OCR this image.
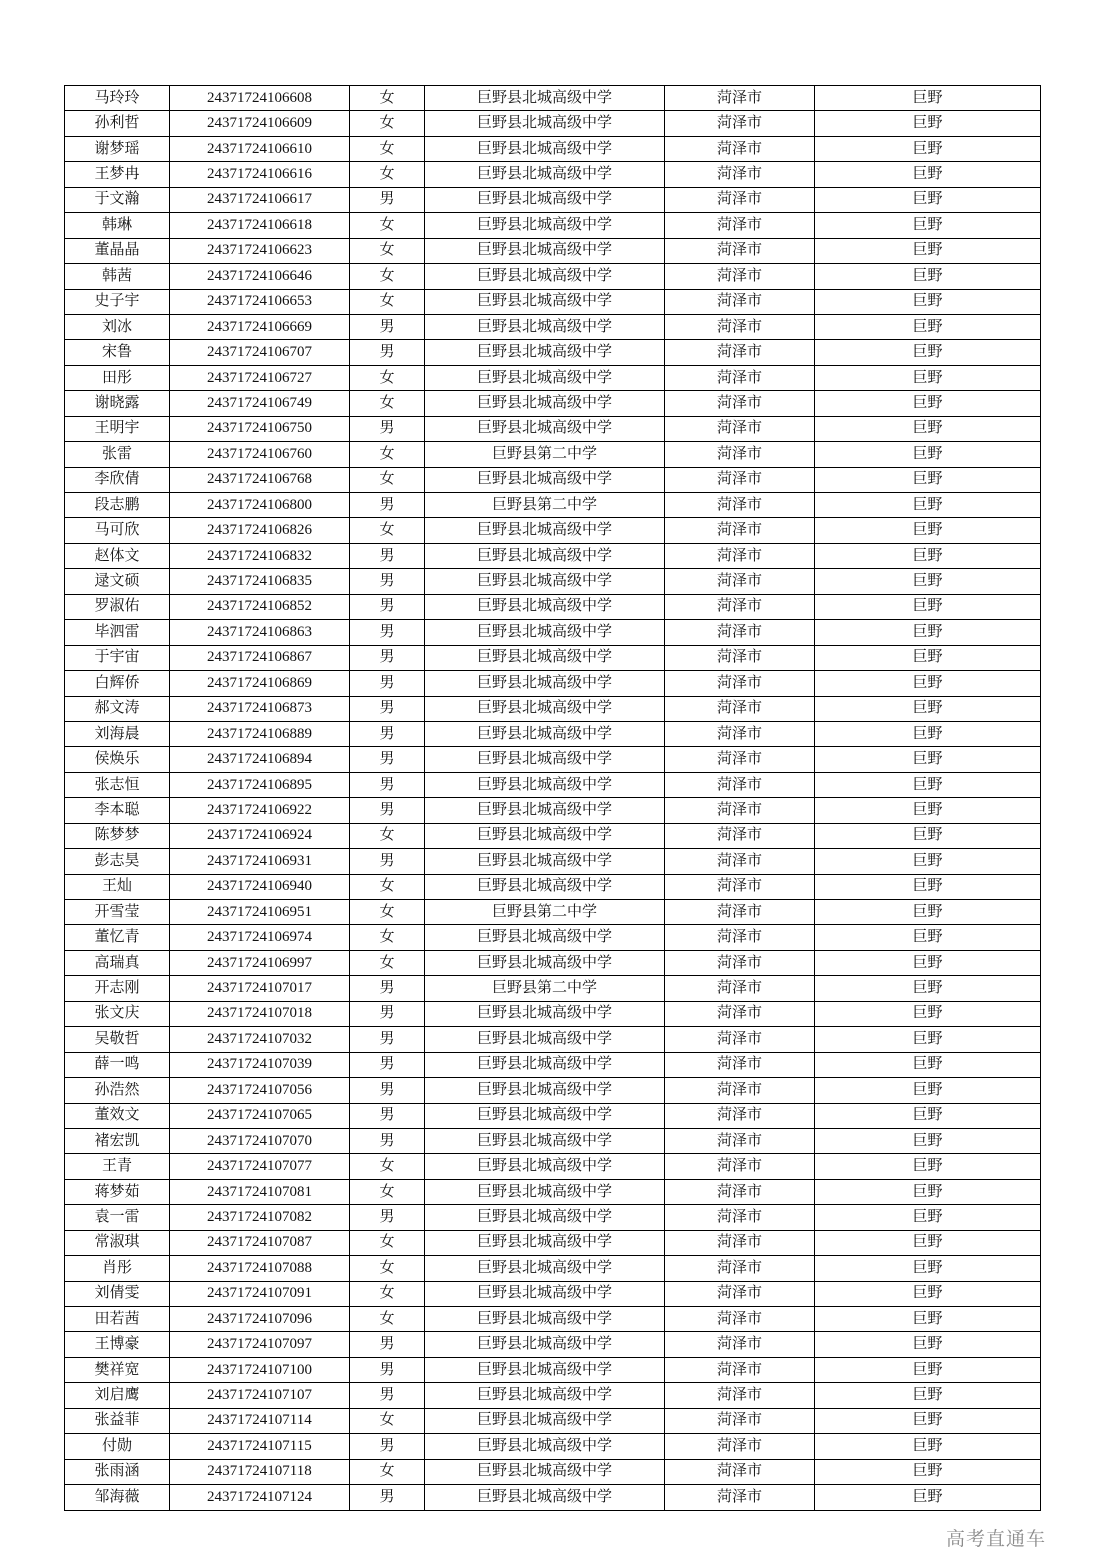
马玲玲	24371724106608	女	巨野县北城高级中学	菏泽市	巨野
孙利哲	24371724106609	女	巨野县北城高级中学	菏泽市	巨野
谢梦瑶	24371724106610	女	巨野县北城高级中学	菏泽市	巨野
王梦冉	24371724106616	女	巨野县北城高级中学	菏泽市	巨野
于文瀚	24371724106617	男	巨野县北城高级中学	菏泽市	巨野
韩琳	24371724106618	女	巨野县北城高级中学	菏泽市	巨野
董晶晶	24371724106623	女	巨野县北城高级中学	菏泽市	巨野
韩茜	24371724106646	女	巨野县北城高级中学	菏泽市	巨野
史子宇	24371724106653	女	巨野县北城高级中学	菏泽市	巨野
刘冰	24371724106669	男	巨野县北城高级中学	菏泽市	巨野
宋鲁	24371724106707	男	巨野县北城高级中学	菏泽市	巨野
田彤	24371724106727	女	巨野县北城高级中学	菏泽市	巨野
谢晓露	24371724106749	女	巨野县北城高级中学	菏泽市	巨野
王明宇	24371724106750	男	巨野县北城高级中学	菏泽市	巨野
张雷	24371724106760	女	巨野县第二中学	菏泽市	巨野
李欣倩	24371724106768	女	巨野县北城高级中学	菏泽市	巨野
段志鹏	24371724106800	男	巨野县第二中学	菏泽市	巨野
马可欣	24371724106826	女	巨野县北城高级中学	菏泽市	巨野
赵体文	24371724106832	男	巨野县北城高级中学	菏泽市	巨野
逯文硕	24371724106835	男	巨野县北城高级中学	菏泽市	巨野
罗淑佑	24371724106852	男	巨野县北城高级中学	菏泽市	巨野
毕泗雷	24371724106863	男	巨野县北城高级中学	菏泽市	巨野
于宇宙	24371724106867	男	巨野县北城高级中学	菏泽市	巨野
白辉侨	24371724106869	男	巨野县北城高级中学	菏泽市	巨野
郝文涛	24371724106873	男	巨野县北城高级中学	菏泽市	巨野
刘海晨	24371724106889	男	巨野县北城高级中学	菏泽市	巨野
侯焕乐	24371724106894	男	巨野县北城高级中学	菏泽市	巨野
张志恒	24371724106895	男	巨野县北城高级中学	菏泽市	巨野
李本聪	24371724106922	男	巨野县北城高级中学	菏泽市	巨野
陈梦梦	24371724106924	女	巨野县北城高级中学	菏泽市	巨野
彭志昊	24371724106931	男	巨野县北城高级中学	菏泽市	巨野
王灿	24371724106940	女	巨野县北城高级中学	菏泽市	巨野
开雪莹	24371724106951	女	巨野县第二中学	菏泽市	巨野
董忆青	24371724106974	女	巨野县北城高级中学	菏泽市	巨野
高瑞真	24371724106997	女	巨野县北城高级中学	菏泽市	巨野
开志刚	24371724107017	男	巨野县第二中学	菏泽市	巨野
张文庆	24371724107018	男	巨野县北城高级中学	菏泽市	巨野
吴敬哲	24371724107032	男	巨野县北城高级中学	菏泽市	巨野
薛一鸣	24371724107039	男	巨野县北城高级中学	菏泽市	巨野
孙浩然	24371724107056	男	巨野县北城高级中学	菏泽市	巨野
董效文	24371724107065	男	巨野县北城高级中学	菏泽市	巨野
褚宏凯	24371724107070	男	巨野县北城高级中学	菏泽市	巨野
王青	24371724107077	女	巨野县北城高级中学	菏泽市	巨野
蒋梦茹	24371724107081	女	巨野县北城高级中学	菏泽市	巨野
袁一雷	24371724107082	男	巨野县北城高级中学	菏泽市	巨野
常淑琪	24371724107087	女	巨野县北城高级中学	菏泽市	巨野
肖彤	24371724107088	女	巨野县北城高级中学	菏泽市	巨野
刘倩雯	24371724107091	女	巨野县北城高级中学	菏泽市	巨野
田若茜	24371724107096	女	巨野县北城高级中学	菏泽市	巨野
王博豪	24371724107097	男	巨野县北城高级中学	菏泽市	巨野
樊祥宽	24371724107100	男	巨野县北城高级中学	菏泽市	巨野
刘启鹰	24371724107107	男	巨野县北城高级中学	菏泽市	巨野
张益菲	24371724107114	女	巨野县北城高级中学	菏泽市	巨野
付勋	24371724107115	男	巨野县北城高级中学	菏泽市	巨野
张雨涵	24371724107118	女	巨野县北城高级中学	菏泽市	巨野
邹海薇	24371724107124	男	巨野县北城高级中学	菏泽市	巨野
高考直通车
